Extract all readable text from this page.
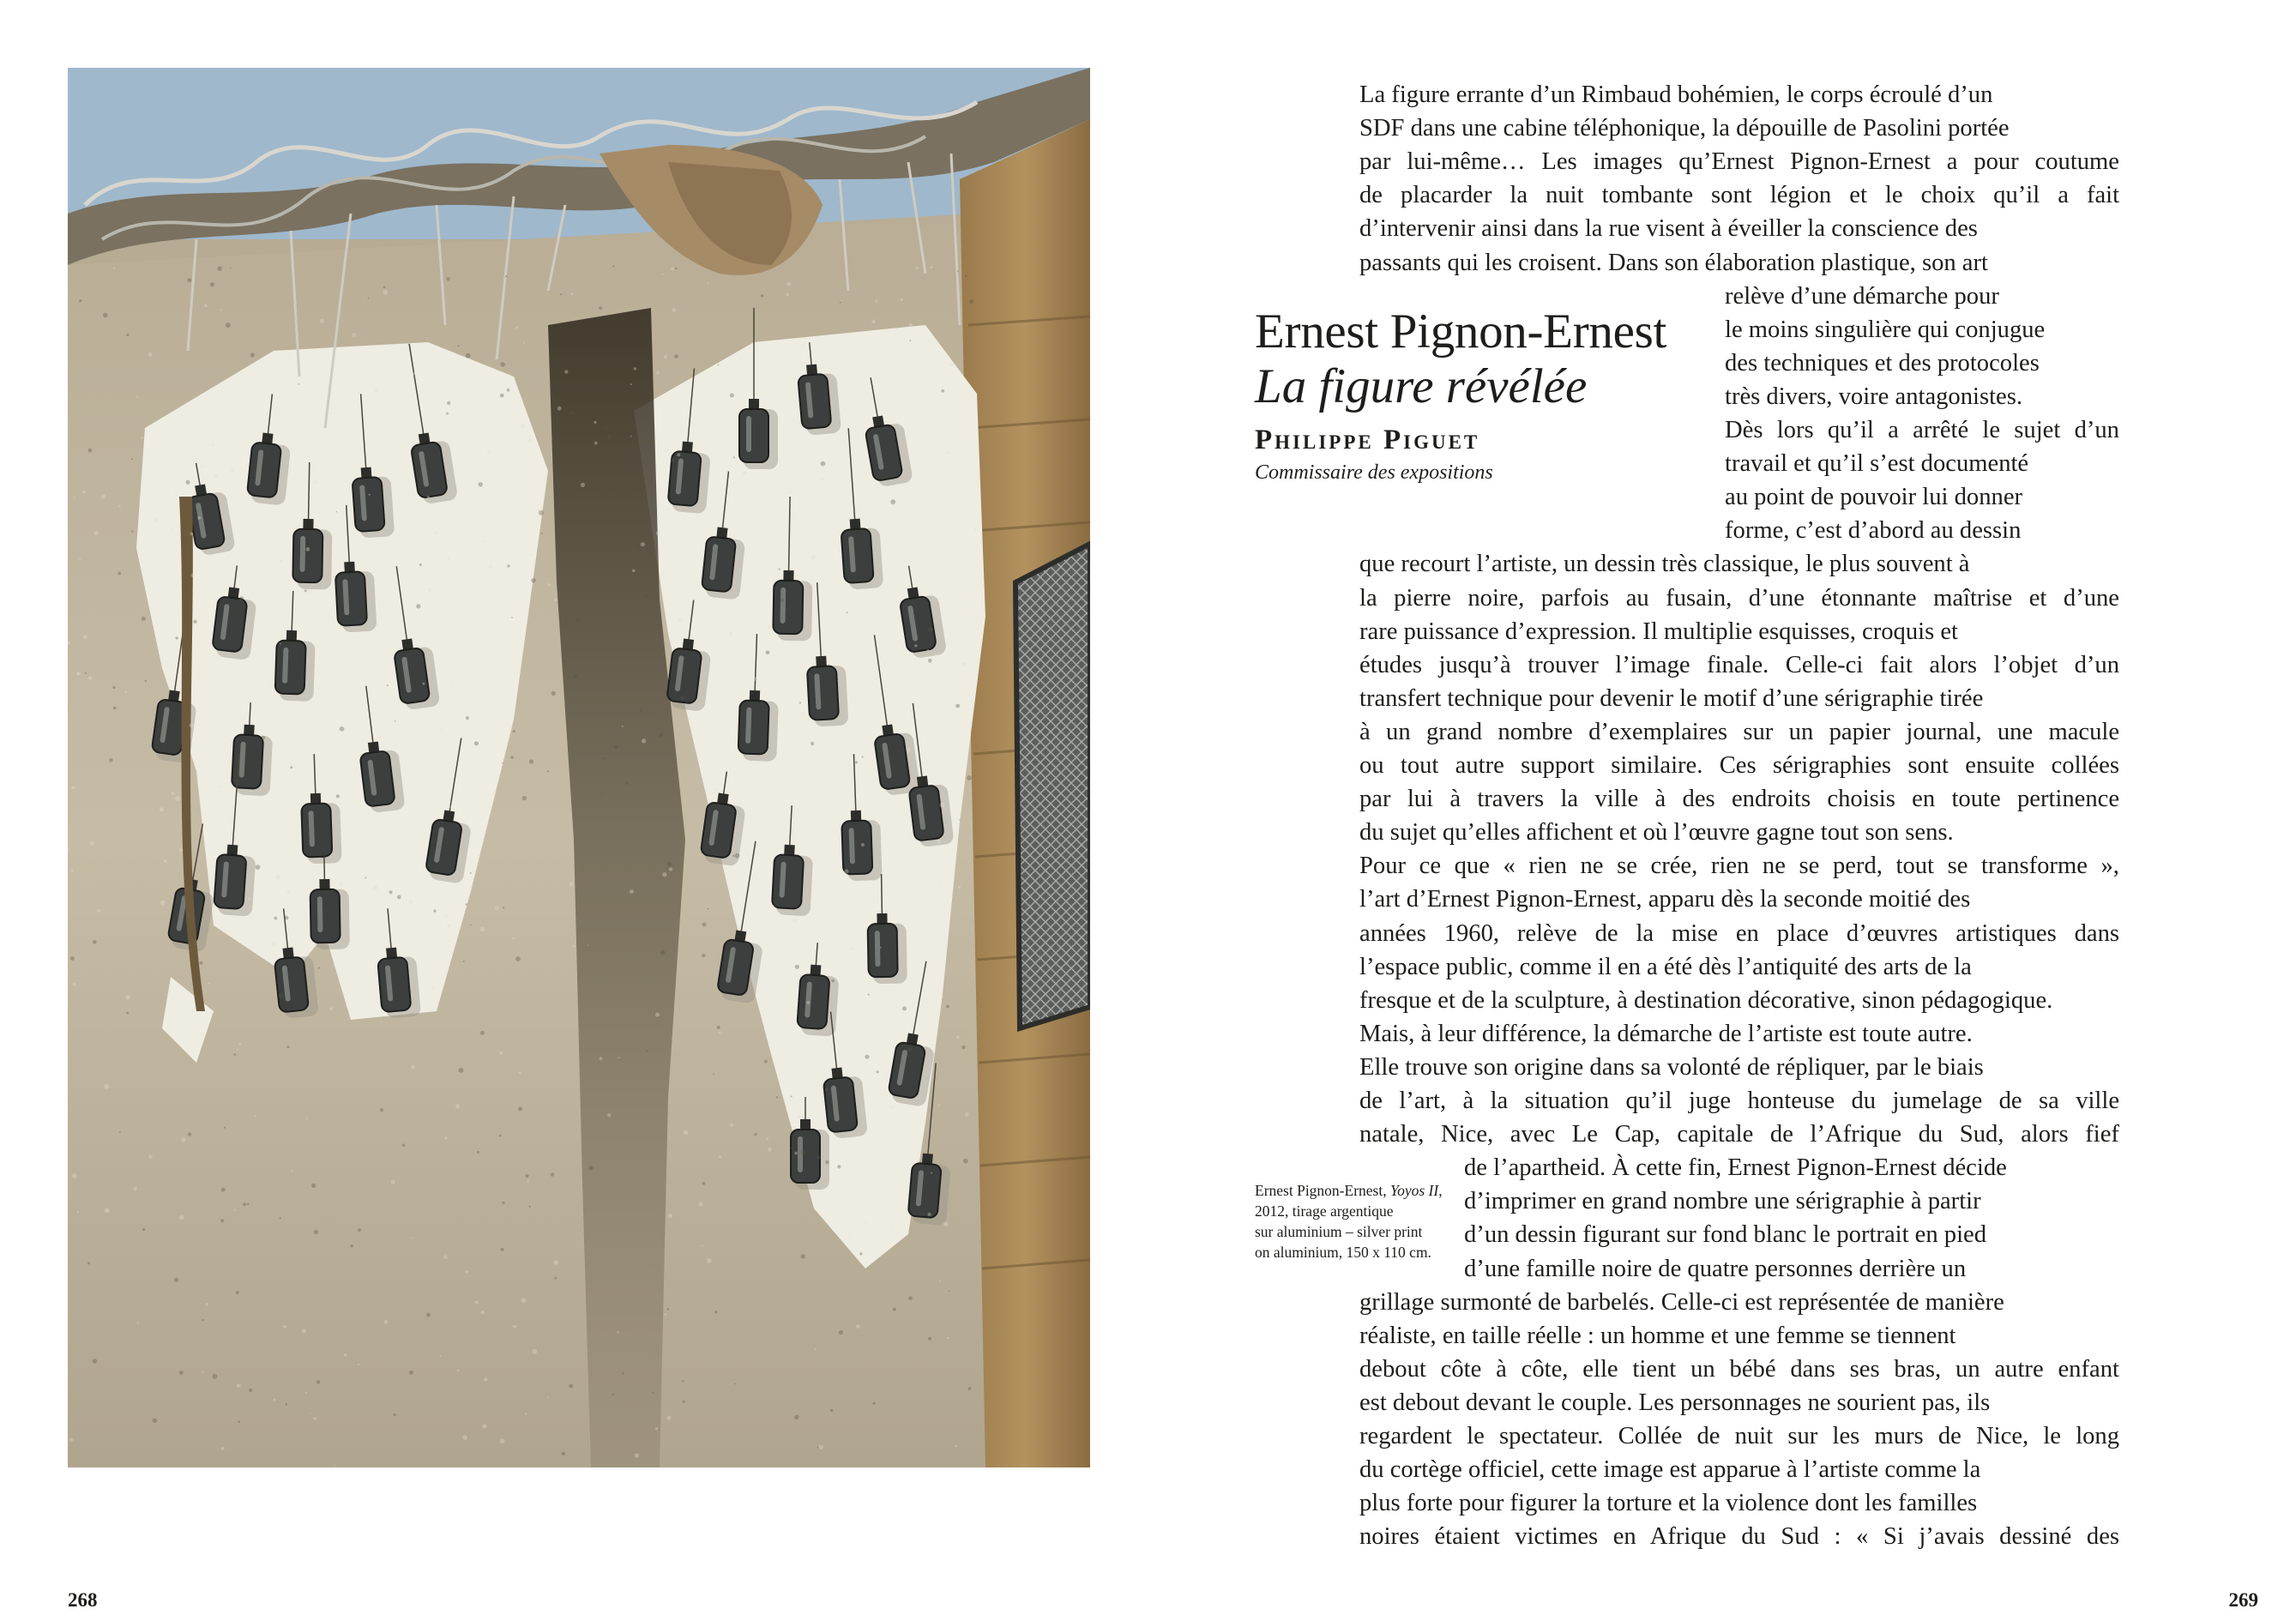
268	269
Ernest Pignon-Ernest
La figure révélée
Philippe Piguet
Commissaire des expositions
Ernest Pignon-Ernest, Yoyos II,
2012, tirage argentique
sur aluminium – silver print
on aluminium, 150 x 110 cm.
La figure errante d’un Rimbaud bohémien, le corps écroulé d’un
SDF dans une cabine téléphonique, la dépouille de Pasolini portée
par lui-même… Les images qu’Ernest Pignon-Ernest a pour coutume
de placarder la nuit tombante sont légion et le choix qu’il a fait
d’intervenir ainsi dans la rue visent à éveiller la conscience des
passants qui les croisent. Dans son élaboration plastique, son art
relève d’une démarche pour
le moins singulière qui conjugue
des techniques et des protocoles
très divers, voire antagonistes.
Dès lors qu’il a arrêté le sujet d’un
travail et qu’il s’est documenté
au point de pouvoir lui donner
forme, c’est d’abord au dessin
que recourt l’artiste, un dessin très classique, le plus souvent à
la pierre noire, parfois au fusain, d’une étonnante maîtrise et d’une
rare puissance d’expression. Il multiplie esquisses, croquis et
études jusqu’à trouver l’image finale. Celle-ci fait alors l’objet d’un
transfert technique pour devenir le motif d’une sérigraphie tirée
à un grand nombre d’exemplaires sur un papier journal, une macule
ou tout autre support similaire. Ces sérigraphies sont ensuite collées
par lui à travers la ville à des endroits choisis en toute pertinence
du sujet qu’elles affichent et où l’œuvre gagne tout son sens.
Pour ce que « rien ne se crée, rien ne se perd, tout se transforme »,
l’art d’Ernest Pignon-Ernest, apparu dès la seconde moitié des
années 1960, relève de la mise en place d’œuvres artistiques dans
l’espace public, comme il en a été dès l’antiquité des arts de la
fresque et de la sculpture, à destination décorative, sinon pédagogique.
Mais, à leur différence, la démarche de l’artiste est toute autre.
Elle trouve son origine dans sa volonté de répliquer, par le biais
de l’art, à la situation qu’il juge honteuse du jumelage de sa ville
natale, Nice, avec Le Cap, capitale de l’Afrique du Sud, alors fief
de l’apartheid. À cette fin, Ernest Pignon-Ernest décide
d’imprimer en grand nombre une sérigraphie à partir
d’un dessin figurant sur fond blanc le portrait en pied
d’une famille noire de quatre personnes derrière un
grillage surmonté de barbelés. Celle-ci est représentée de manière
réaliste, en taille réelle : un homme et une femme se tiennent
debout côte à côte, elle tient un bébé dans ses bras, un autre enfant
est debout devant le couple. Les personnages ne sourient pas, ils
regardent le spectateur. Collée de nuit sur les murs de Nice, le long
du cortège officiel, cette image est apparue à l’artiste comme la
plus forte pour figurer la torture et la violence dont les familles
noires étaient victimes en Afrique du Sud : « Si j’avais dessiné des
